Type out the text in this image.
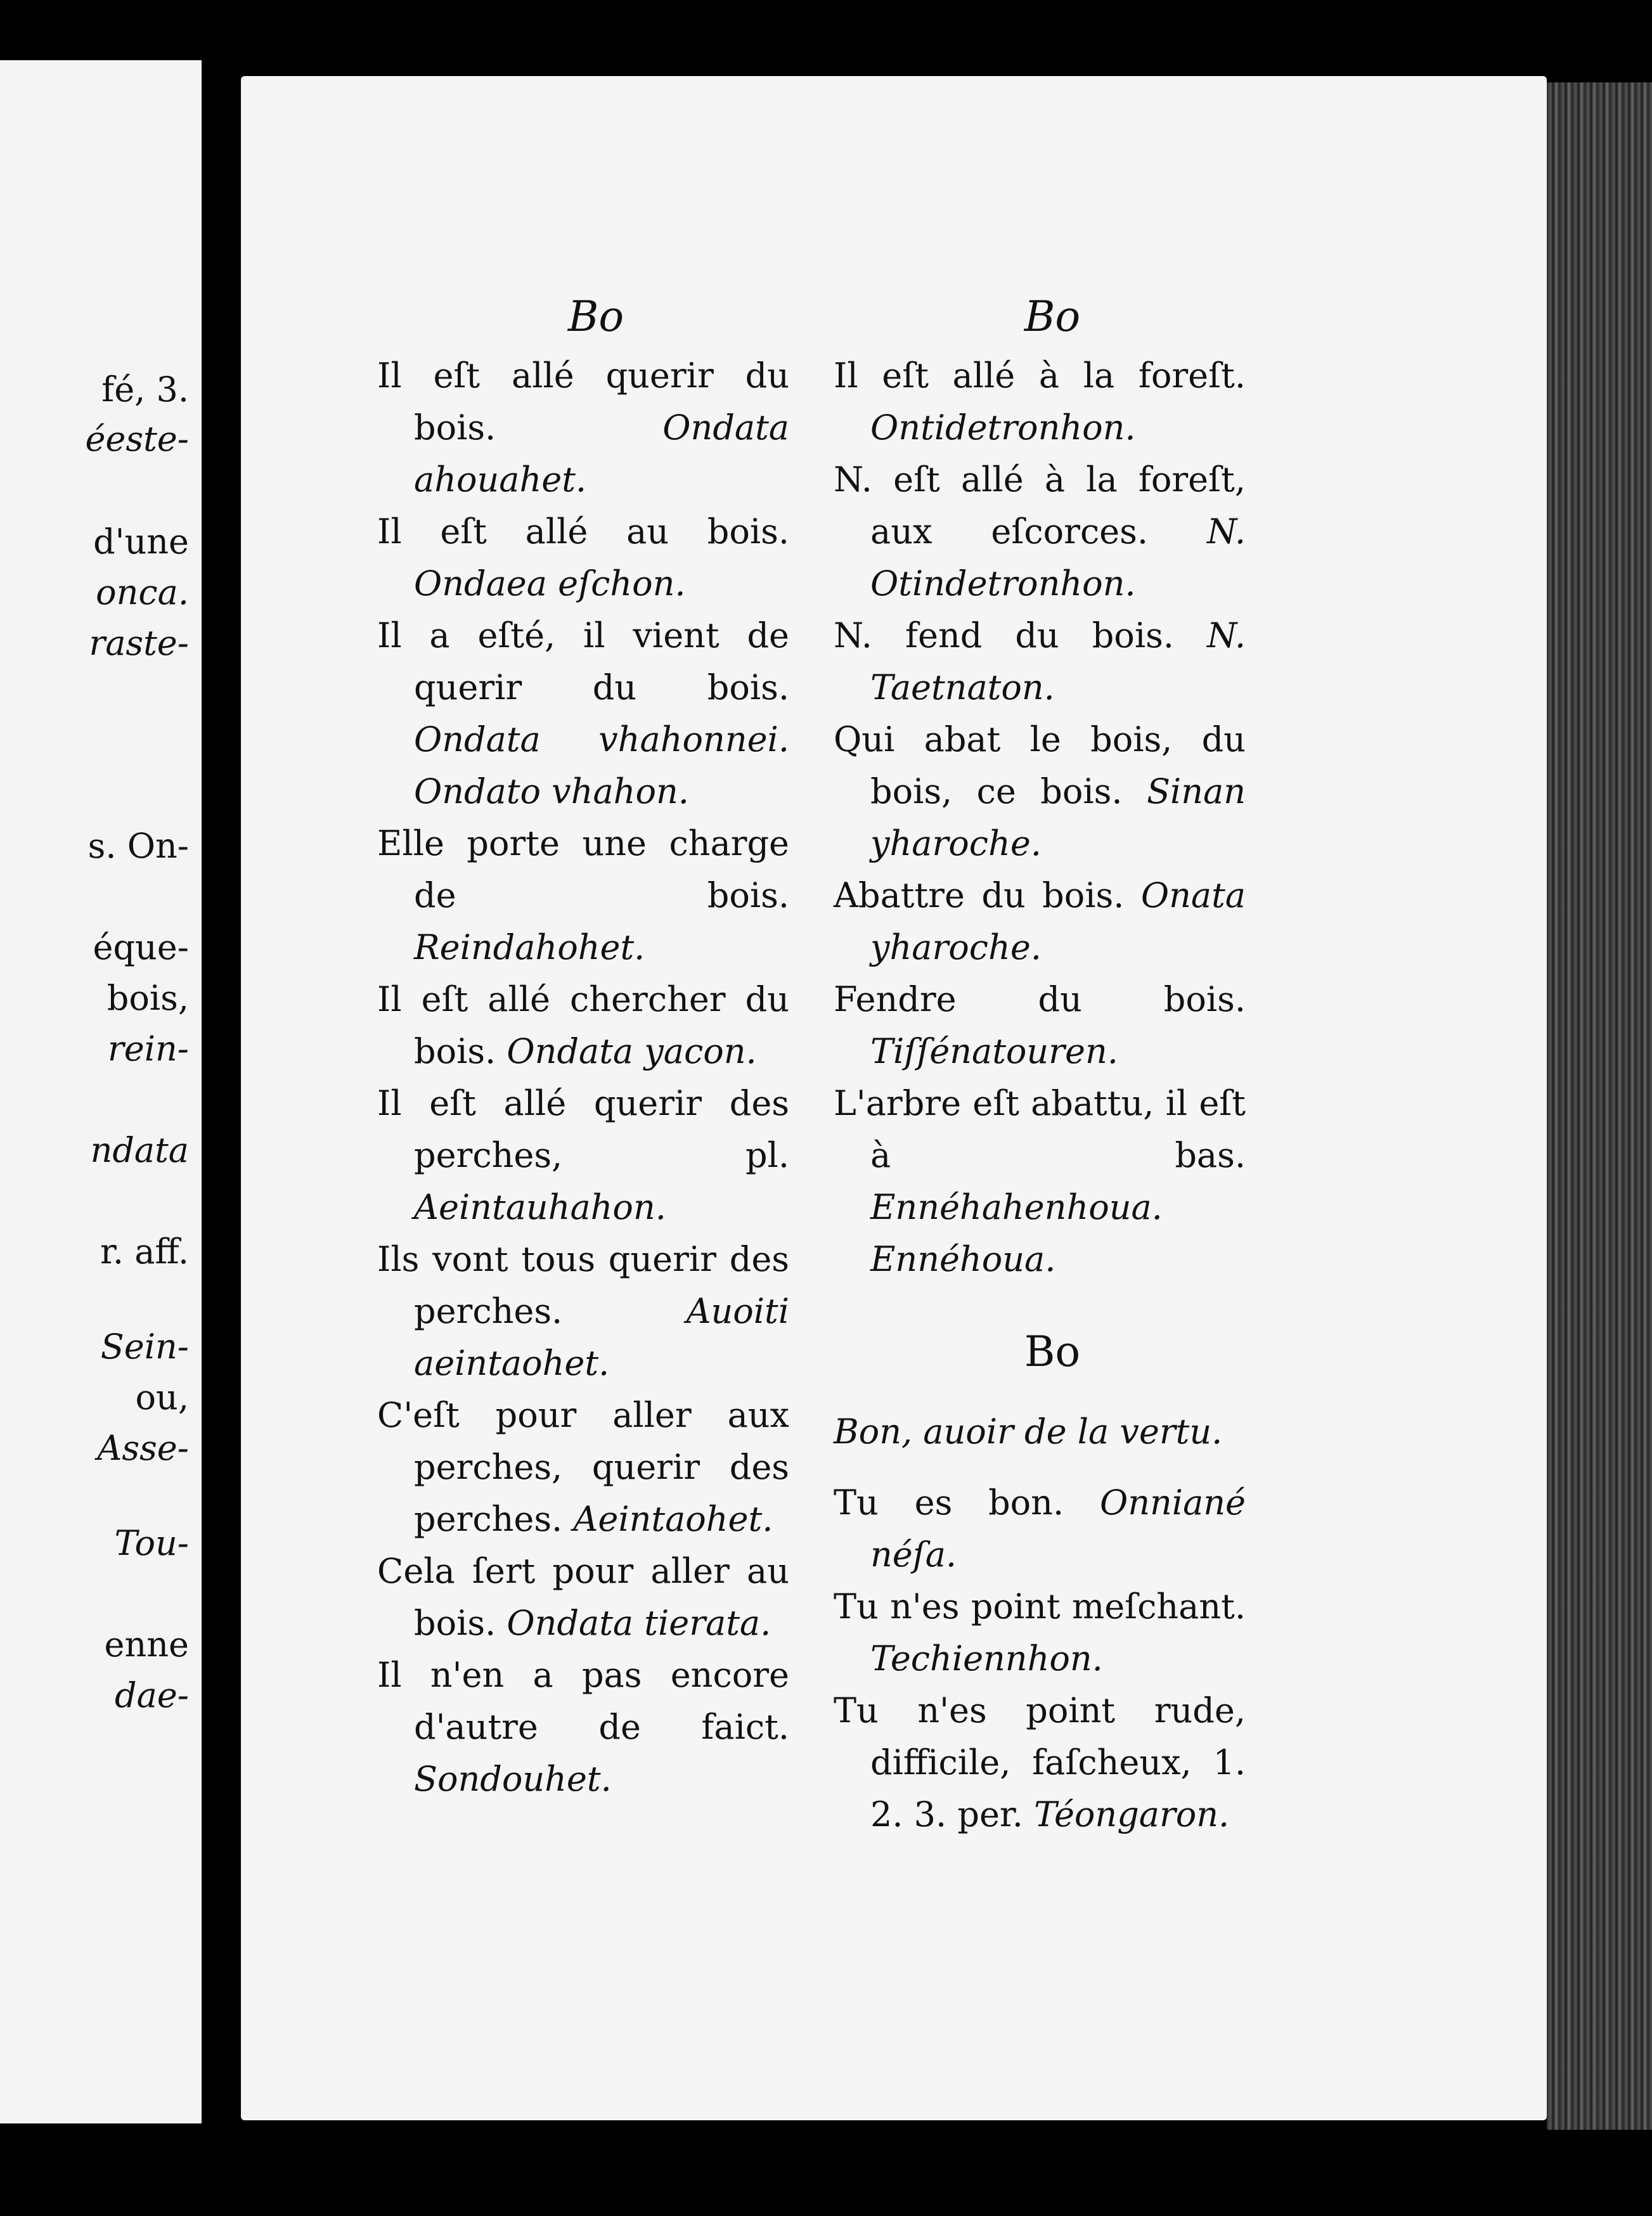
fé, 3.
éeste-
d'une
onca.
raste-
s. On-
éque-
bois,
rein-
ndata
r. aff.
Sein-
ou,
Asse-
Tou-
enne
dae-
Bo
Il eſt allé querir du bois.	Ondata ahouahet.
Il eſt allé au bois. Ondaea eſchon.
Il a eſté, il vient de querir du bois. Ondata vhahonnei. Ondato vhahon.
Elle porte une charge de bois. Reindahohet.
Il eſt allé chercher du bois. Ondata yacon.
Il eſt allé querir des perches, pl. Aeintauhahon.
Ils vont tous querir des perches.	Auoiti aeintaohet.
C'eſt pour aller aux perches, querir des perches. Aeintaohet.
Cela ſert pour aller au bois. Ondata tierata.
Il n'en a pas encore d'autre de faict. Sondouhet.
Bo
Il eſt allé à la foreſt. Ontidetronhon.
N. eſt allé à la foreſt, aux eſcorces. N. Otindetronhon.
N. fend du bois. N. Taetnaton.
Qui abat le bois, du bois, ce bois. Sinan yharoche.
Abattre du bois. Onata yharoche.
Fendre du bois. Tiſſénatouren.
L'arbre eſt abattu, il eſt à bas. Ennéhahenhoua. Ennéhoua.
Bo
Bon, auoir de la vertu.
Tu es bon. Onniané néſa.
Tu n'es point meſchant. Techiennhon.
Tu n'es point rude, difficile, faſcheux, 1. 2. 3. per. Téongaron.
